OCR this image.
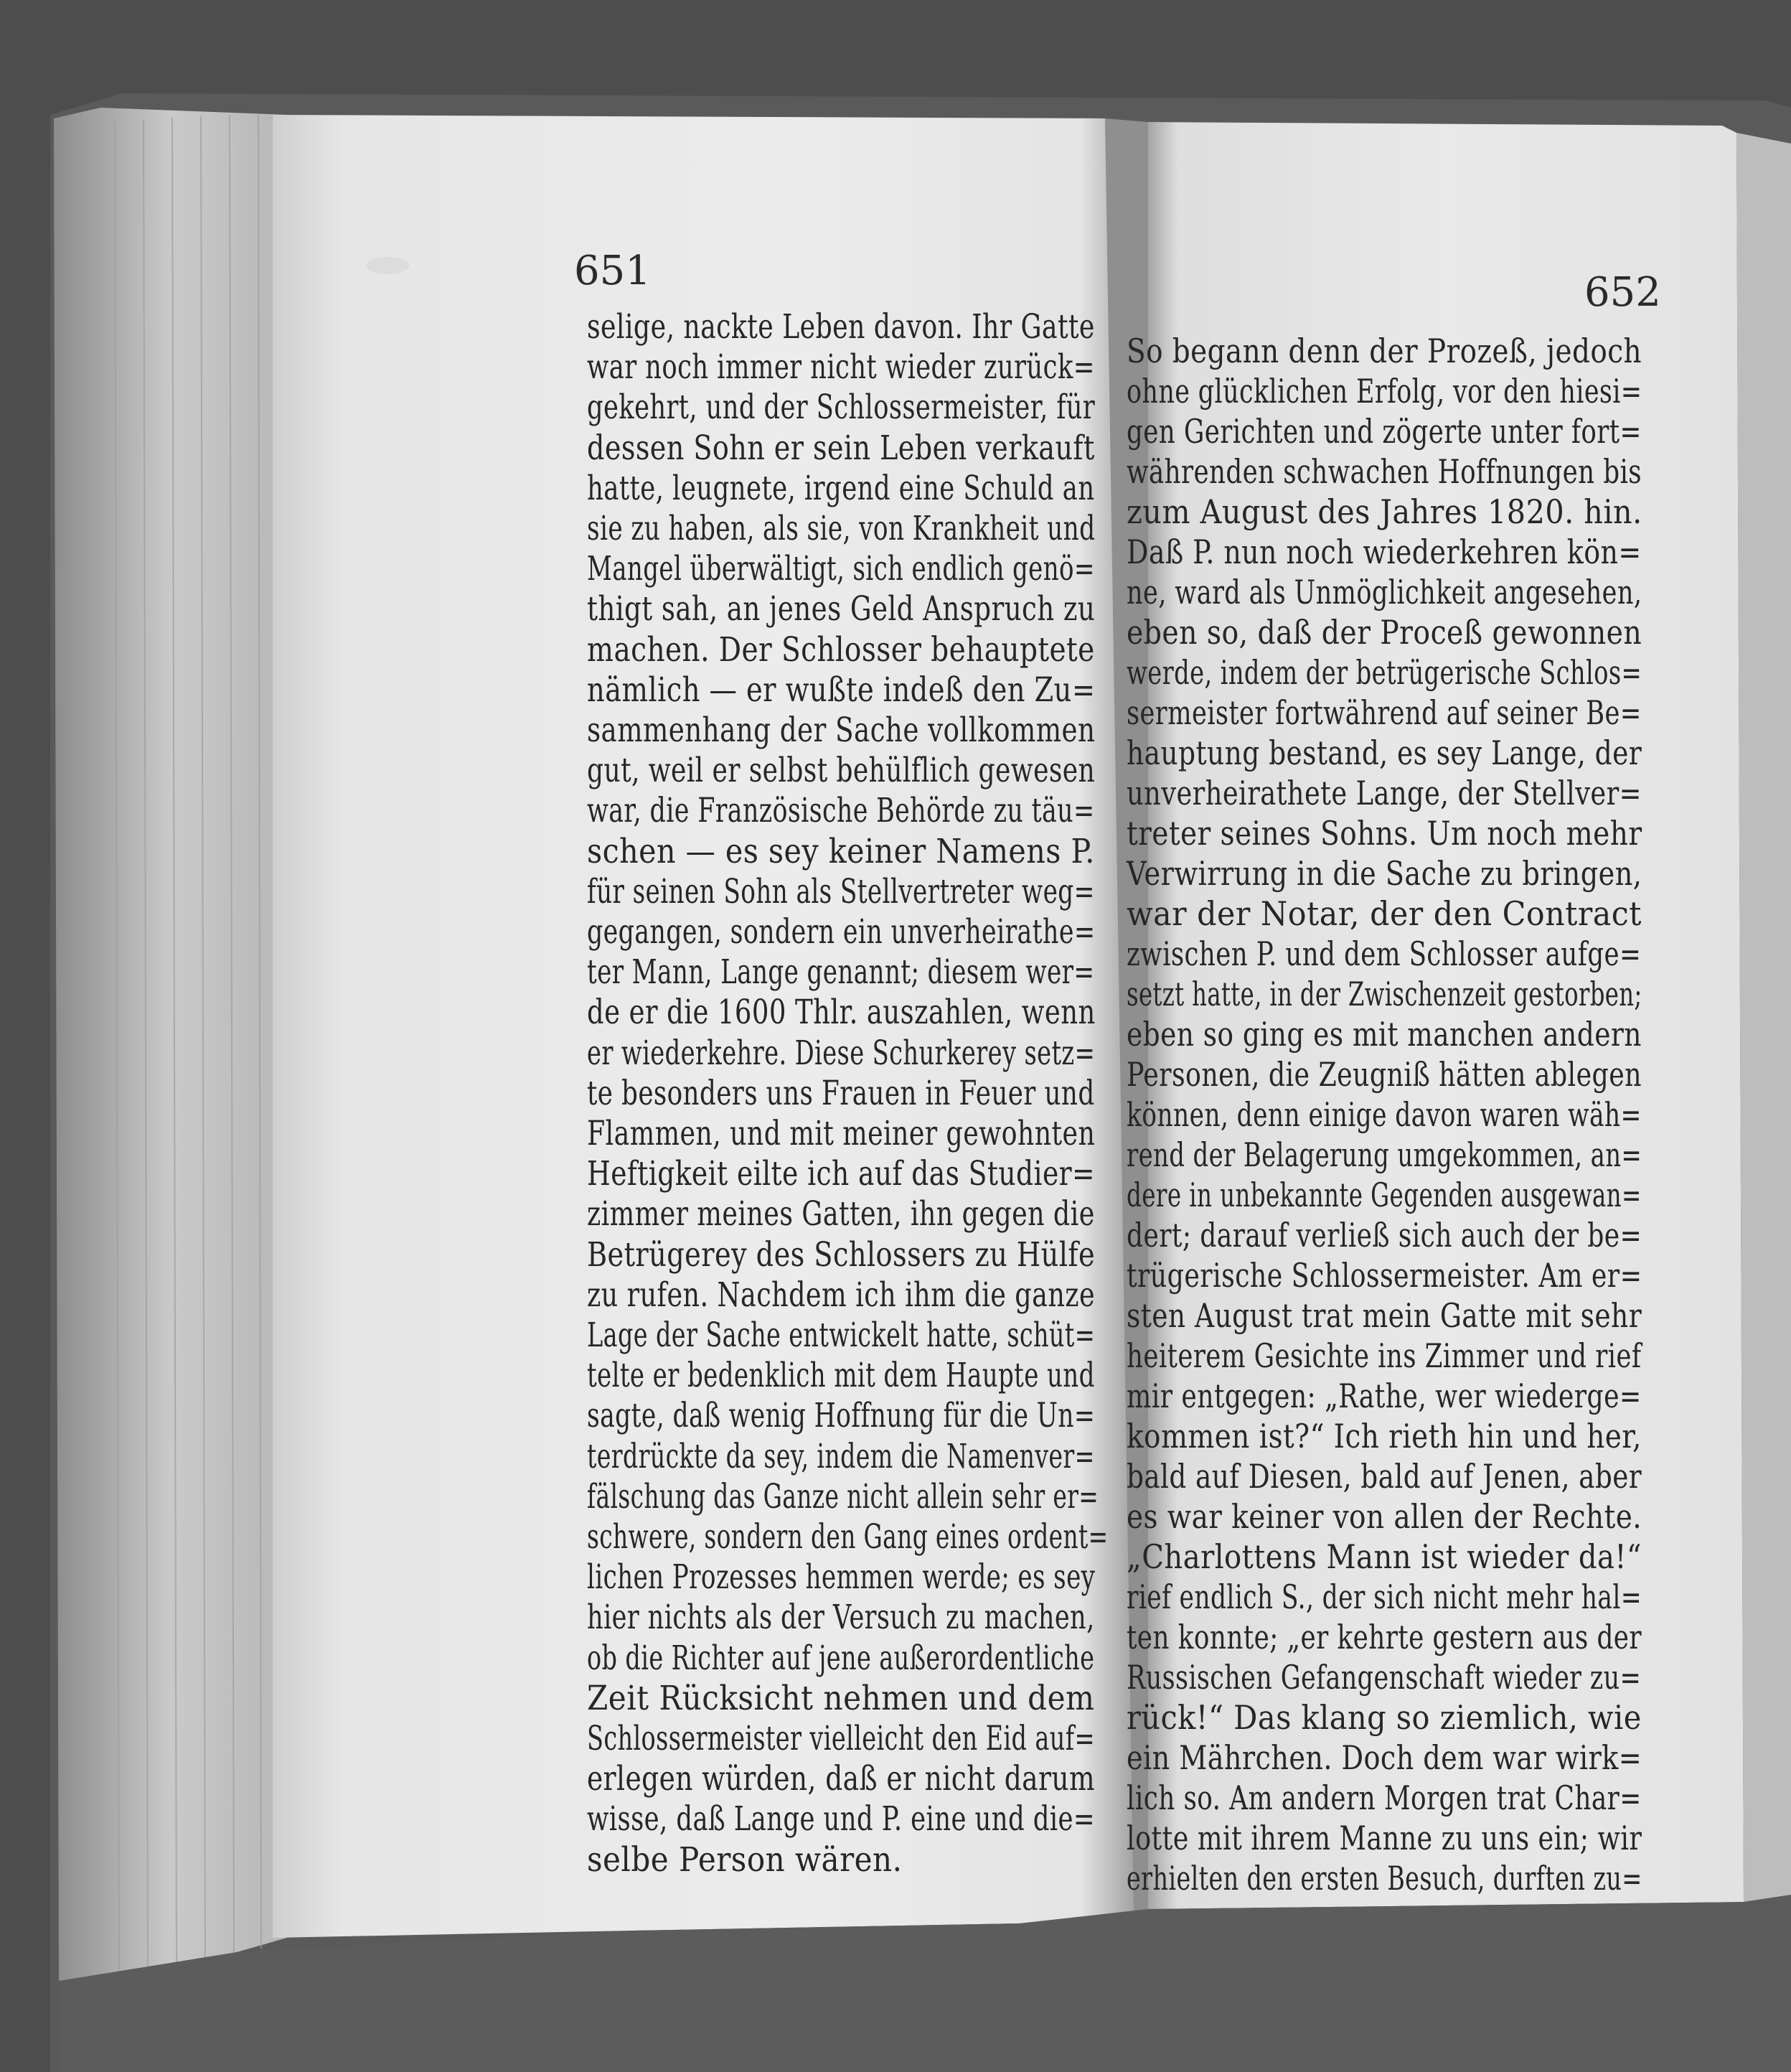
651
selige, nackte Leben davon. Ihr Gatte
war noch immer nicht wieder zurück=
gekehrt, und der Schlossermeister, für
dessen Sohn er sein Leben verkauft
hatte, leugnete, irgend eine Schuld an
sie zu haben, als sie, von Krankheit und
Mangel überwältigt, sich endlich genö=
thigt sah, an jenes Geld Anspruch zu
machen. Der Schlosser behauptete
nämlich — er wußte indeß den Zu=
sammenhang der Sache vollkommen
gut, weil er selbst behülflich gewesen
war, die Französische Behörde zu täu=
schen — es sey keiner Namens P.
für seinen Sohn als Stellvertreter weg=
gegangen, sondern ein unverheirathe=
ter Mann, Lange genannt; diesem wer=
de er die 1600 Thlr. auszahlen, wenn
er wiederkehre. Diese Schurkerey setz=
te besonders uns Frauen in Feuer und
Flammen, und mit meiner gewohnten
Heftigkeit eilte ich auf das Studier=
zimmer meines Gatten, ihn gegen die
Betrügerey des Schlossers zu Hülfe
zu rufen. Nachdem ich ihm die ganze
Lage der Sache entwickelt hatte, schüt=
telte er bedenklich mit dem Haupte und
sagte, daß wenig Hoffnung für die Un=
terdrückte da sey, indem die Namenver=
fälschung das Ganze nicht allein sehr er=
schwere, sondern den Gang eines ordent=
lichen Prozesses hemmen werde; es sey
hier nichts als der Versuch zu machen,
ob die Richter auf jene außerordentliche
Zeit Rücksicht nehmen und dem
Schlossermeister vielleicht den Eid auf=
erlegen würden, daß er nicht darum
wisse, daß Lange und P. eine und die=
selbe Person wären.
652
So begann denn der Prozeß, jedoch
ohne glücklichen Erfolg, vor den hiesi=
gen Gerichten und zögerte unter fort=
währenden schwachen Hoffnungen bis
zum August des Jahres 1820. hin.
Daß P. nun noch wiederkehren kön=
ne, ward als Unmöglichkeit angesehen,
eben so, daß der Proceß gewonnen
werde, indem der betrügerische Schlos=
sermeister fortwährend auf seiner Be=
hauptung bestand, es sey Lange, der
unverheirathete Lange, der Stellver=
treter seines Sohns. Um noch mehr
Verwirrung in die Sache zu bringen,
war der Notar, der den Contract
zwischen P. und dem Schlosser aufge=
setzt hatte, in der Zwischenzeit gestorben;
eben so ging es mit manchen andern
Personen, die Zeugniß hätten ablegen
können, denn einige davon waren wäh=
rend der Belagerung umgekommen, an=
dere in unbekannte Gegenden ausgewan=
dert; darauf verließ sich auch der be=
trügerische Schlossermeister. Am er=
sten August trat mein Gatte mit sehr
heiterem Gesichte ins Zimmer und rief
mir entgegen: „Rathe, wer wiederge=
kommen ist?“ Ich rieth hin und her,
bald auf Diesen, bald auf Jenen, aber
es war keiner von allen der Rechte.
„Charlottens Mann ist wieder da!“
rief endlich S., der sich nicht mehr hal=
ten konnte; „er kehrte gestern aus der
Russischen Gefangenschaft wieder zu=
rück!“ Das klang so ziemlich, wie
ein Mährchen. Doch dem war wirk=
lich so. Am andern Morgen trat Char=
lotte mit ihrem Manne zu uns ein; wir
erhielten den ersten Besuch, durften zu=
